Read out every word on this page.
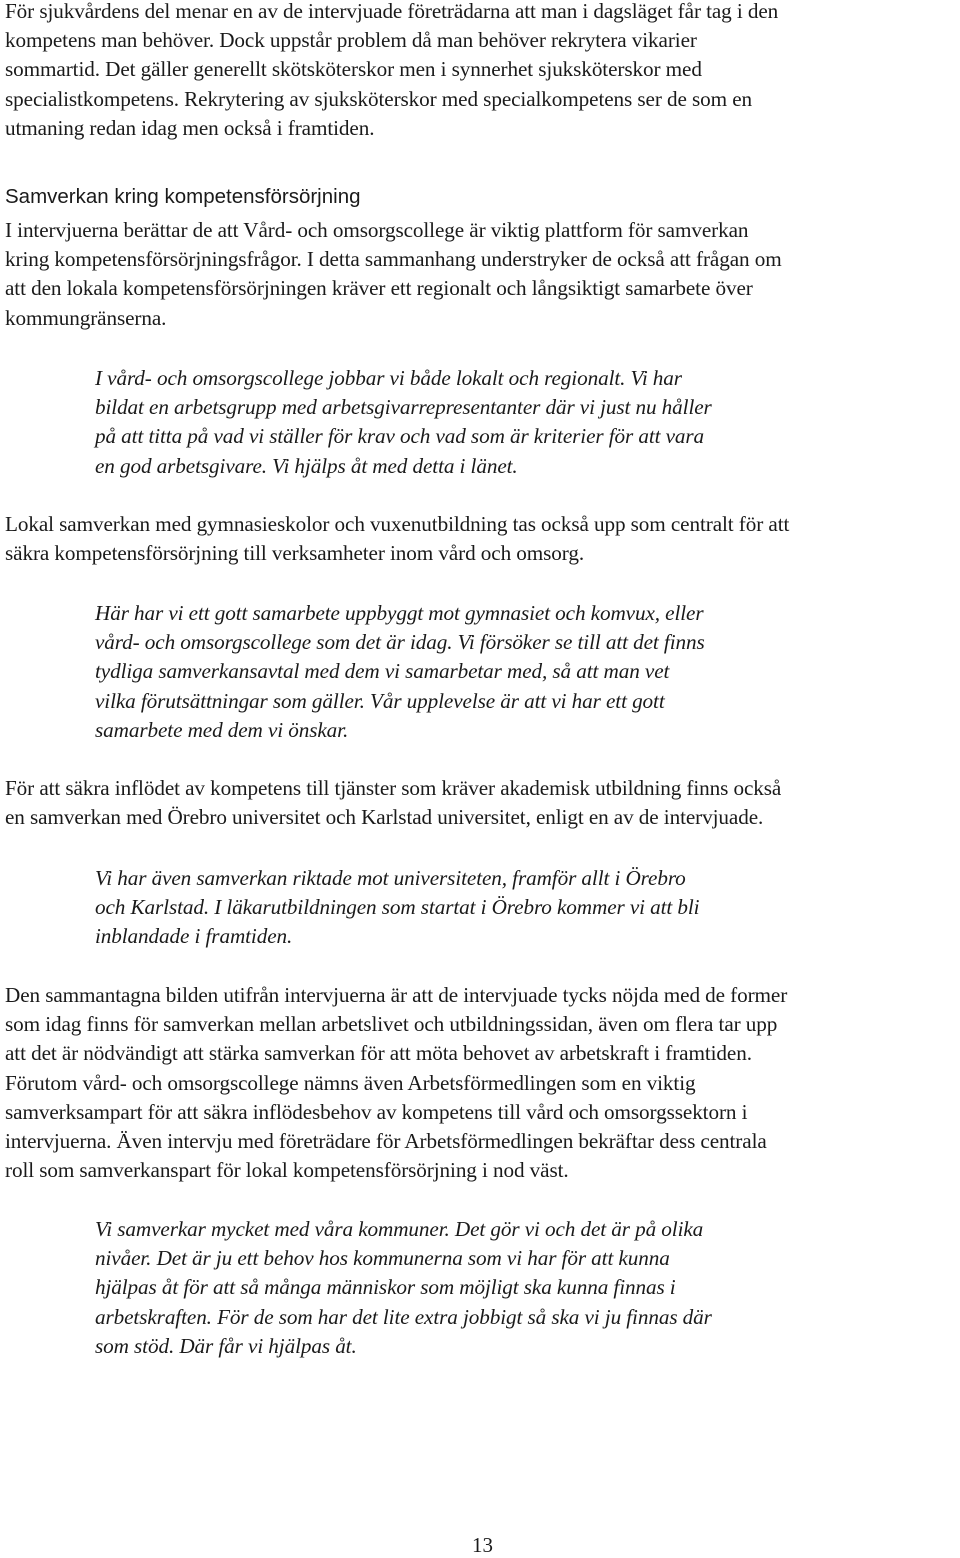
För sjukvårdens del menar en av de intervjuade företrädarna att man i dagsläget får tag i den
kompetens man behöver. Dock uppstår problem då man behöver rekrytera vikarier
sommartid. Det gäller generellt skötsköterskor men i synnerhet sjuksköterskor med
specialistkompetens. Rekrytering av sjuksköterskor med specialkompetens ser de som en
utmaning redan idag men också i framtiden.

Samverkan kring kompetensförsörjning

I intervjuerna berättar de att Vård- och omsorgscollege är viktig plattform för samverkan
kring kompetensförsörjningsfrågor. I detta sammanhang understryker de också att frågan om
att den lokala kompetensförsörjningen kräver ett regionalt och långsiktigt samarbete över
kommungränserna.

I vård- och omsorgscollege jobbar vi både lokalt och regionalt. Vi har
bildat en arbetsgrupp med arbetsgivarrepresentanter där vi just nu håller
på att titta på vad vi ställer för krav och vad som är kriterier för att vara
en god arbetsgivare. Vi hjälps åt med detta i länet.

Lokal samverkan med gymnasieskolor och vuxenutbildning tas också upp som centralt för att
säkra kompetensförsörjning till verksamheter inom vård och omsorg.

Här har vi ett gott samarbete uppbyggt mot gymnasiet och komvux, eller
vård- och omsorgscollege som det är idag. Vi försöker se till att det finns
tydliga samverkansavtal med dem vi samarbetar med, så att man vet
vilka förutsättningar som gäller. Vår upplevelse är att vi har ett gott
samarbete med dem vi önskar.

För att säkra inflödet av kompetens till tjänster som kräver akademisk utbildning finns också
en samverkan med Örebro universitet och Karlstad universitet, enligt en av de intervjuade.

Vi har även samverkan riktade mot universiteten, framför allt i Örebro
och Karlstad. I läkarutbildningen som startat i Örebro kommer vi att bli
inblandade i framtiden.

Den sammantagna bilden utifrån intervjuerna är att de intervjuade tycks nöjda med de former
som idag finns för samverkan mellan arbetslivet och utbildningssidan, även om flera tar upp
att det är nödvändigt att stärka samverkan för att möta behovet av arbetskraft i framtiden.
Förutom vård- och omsorgscollege nämns även Arbetsförmedlingen som en viktig
samverksampart för att säkra inflödesbehov av kompetens till vård och omsorgssektorn i
intervjuerna. Även intervju med företrädare för Arbetsförmedlingen bekräftar dess centrala
roll som samverkanspart för lokal kompetensförsörjning i nod väst.

Vi samverkar mycket med våra kommuner. Det gör vi och det är på olika
nivåer. Det är ju ett behov hos kommunerna som vi har för att kunna
hjälpas åt för att så många människor som möjligt ska kunna finnas i
arbetskraften. För de som har det lite extra jobbigt så ska vi ju finnas där
som stöd. Där får vi hjälpas åt.

13
